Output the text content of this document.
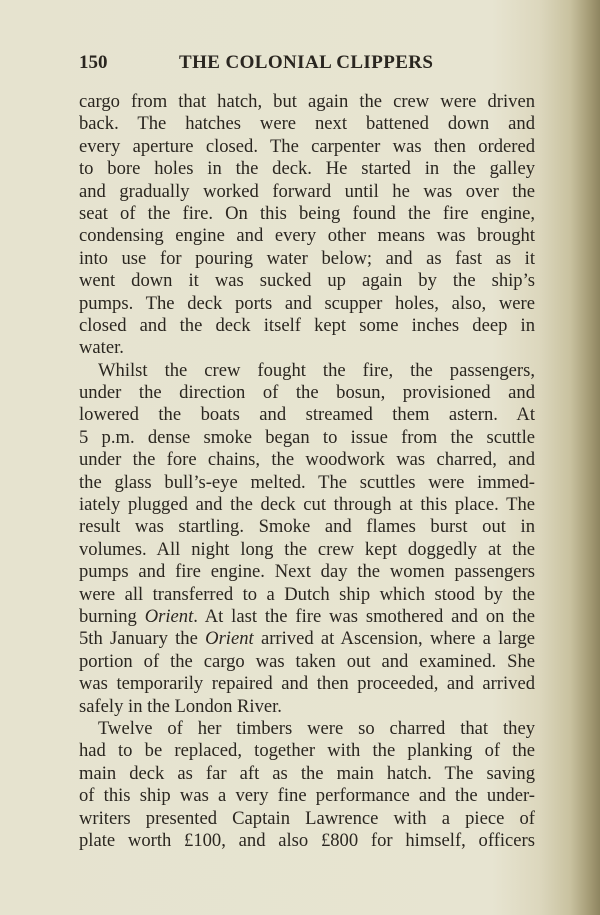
150	THE COLONIAL CLIPPERS
cargo from that hatch, but again the crew were driven
back. The hatches were next battened down and
every aperture closed. The carpenter was then ordered
to bore holes in the deck. He started in the galley
and gradually worked forward until he was over the
seat of the fire. On this being found the fire engine,
condensing engine and every other means was brought
into use for pouring water below; and as fast as it
went down it was sucked up again by the ship’s
pumps. The deck ports and scupper holes, also, were
closed and the deck itself kept some inches deep in
water.
Whilst the crew fought the fire, the passengers,
under the direction of the bosun, provisioned and
lowered the boats and streamed them astern. At
5 p.m. dense smoke began to issue from the scuttle
under the fore chains, the woodwork was charred, and
the glass bull’s-eye melted. The scuttles were immed-
iately plugged and the deck cut through at this place. The
result was startling. Smoke and flames burst out in
volumes. All night long the crew kept doggedly at the
pumps and fire engine. Next day the women passengers
were all transferred to a Dutch ship which stood by the
burning Orient. At last the fire was smothered and on the
5th January the Orient arrived at Ascension, where a large
portion of the cargo was taken out and examined. She
was temporarily repaired and then proceeded, and arrived
safely in the London River.
Twelve of her timbers were so charred that they
had to be replaced, together with the planking of the
main deck as far aft as the main hatch. The saving
of this ship was a very fine performance and the under-
writers presented Captain Lawrence with a piece of
plate worth £100, and also £800 for himself, officers
